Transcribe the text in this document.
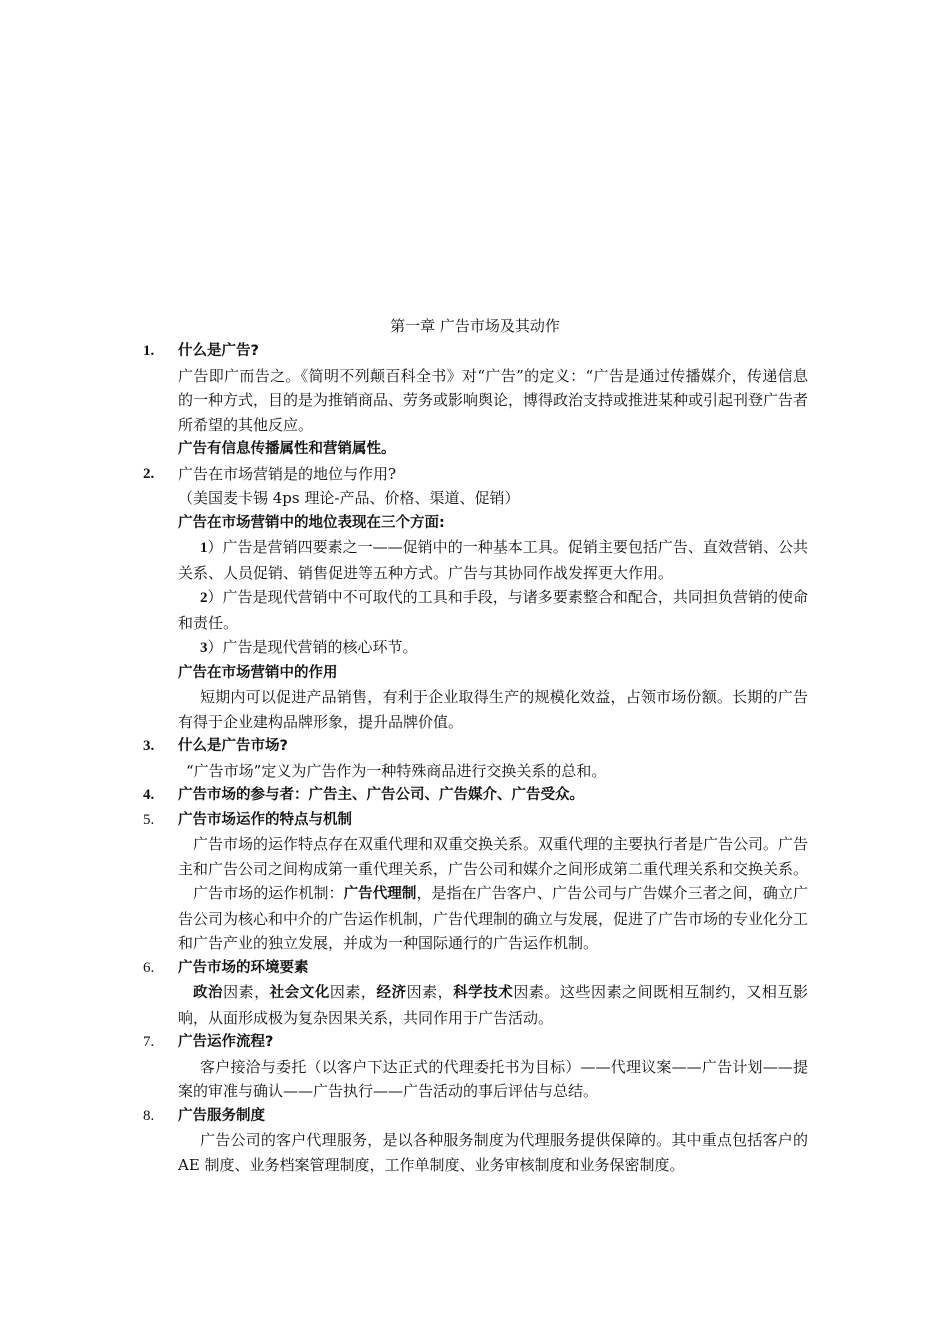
第一章 广告市场及其动作
1.	什么是广告?
广告即广而告之。《简明不列颠百科全书》对“广告”的定义：“广告是通过传播媒介，传递信息的一种方式，目的是为推销商品、劳务或影响舆论，博得政治支持或推进某种或引起刊登广告者所希望的其他反应。
广告有信息传播属性和营销属性。
2.	广告在市场营销是的地位与作用?
（美国麦卡锡 4ps 理论-产品、价格、渠道、促销）
广告在市场营销中的地位表现在三个方面:
1）广告是营销四要素之一——促销中的一种基本工具。促销主要包括广告、直效营销、公共关系、人员促销、销售促进等五种方式。广告与其协同作战发挥更大作用。
2）广告是现代营销中不可取代的工具和手段，与诸多要素整合和配合，共同担负营销的使命和责任。
3）广告是现代营销的核心环节。
广告在市场营销中的作用
短期内可以促进产品销售，有利于企业取得生产的规模化效益，占领市场份额。长期的广告有得于企业建构品牌形象，提升品牌价值。
3.	什么是广告市场?
“广告市场”定义为广告作为一种特殊商品进行交换关系的总和。
4.	广告市场的参与者：广告主、广告公司、广告媒介、广告受众。
5.	广告市场运作的特点与机制
广告市场的运作特点存在双重代理和双重交换关系。双重代理的主要执行者是广告公司。广告主和广告公司之间构成第一重代理关系，广告公司和媒介之间形成第二重代理关系和交换关系。
广告市场的运作机制：广告代理制，是指在广告客户、广告公司与广告媒介三者之间，确立广告公司为核心和中介的广告运作机制，广告代理制的确立与发展，促进了广告市场的专业化分工和广告产业的独立发展，并成为一种国际通行的广告运作机制。
6.	广告市场的环境要素
政治因素，社会文化因素，经济因素，科学技术因素。这些因素之间既相互制约，又相互影响，从面形成极为复杂因果关系，共同作用于广告活动。
7.	广告运作流程?
客户接洽与委托（以客户下达正式的代理委托书为目标）——代理议案——广告计划——提案的审准与确认——广告执行——广告活动的事后评估与总结。
8.	广告服务制度
广告公司的客户代理服务，是以各种服务制度为代理服务提供保障的。其中重点包括客户的 AE 制度、业务档案管理制度，工作单制度、业务审核制度和业务保密制度。
